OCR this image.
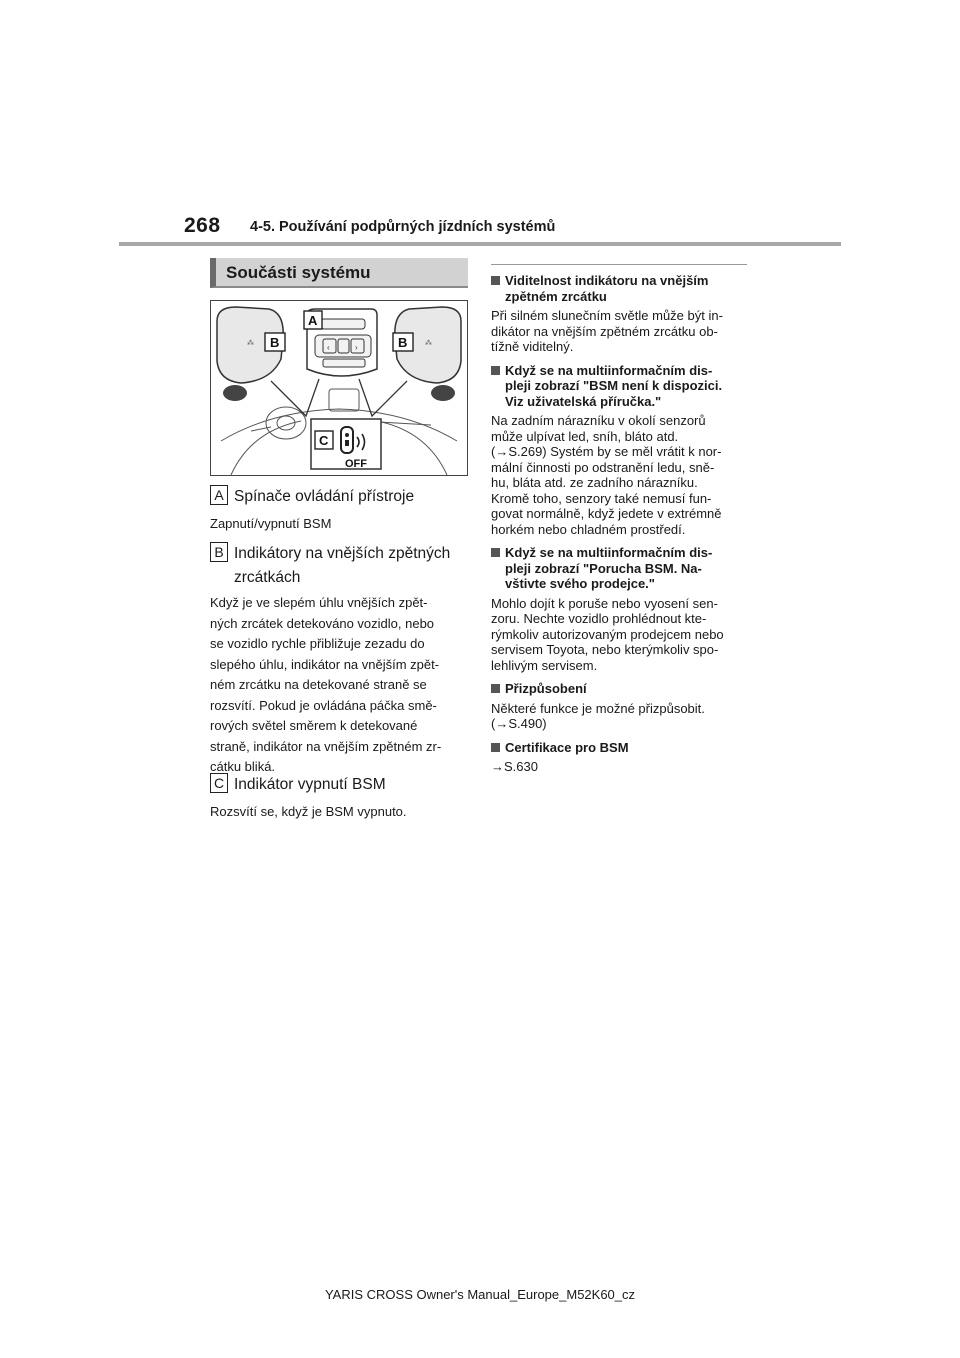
268 4-5. Používání podpůrných jízdních systémů
Součásti systému
‹	›
OFF
A
B	B
C
⁂	⁂
A Spínače ovládání přístroje
Zapnutí/vypnutí BSM
B Indikátory na vnějších zpětných
zrcátkách
Když je ve slepém úhlu vnějších zpět-
ných zrcátek detekováno vozidlo, nebo
se vozidlo rychle přibližuje zezadu do
slepého úhlu, indikátor na vnějším zpět-
ném zrcátku na detekované straně se
rozsvítí. Pokud je ovládána páčka smě-
rových světel směrem k detekované
straně, indikátor na vnějším zpětném zr-
cátku bliká.
C Indikátor vypnutí BSM
Rozsvítí se, když je BSM vypnuto.
Viditelnost indikátoru na vnějším
zpětném zrcátku
Při silném slunečním světle může být in-
dikátor na vnějším zpětném zrcátku ob-
tížně viditelný.
Když se na multiinformačním dis-
pleji zobrazí "BSM není k dispozici.
Viz uživatelská příručka."
Na zadním nárazníku v okolí senzorů
může ulpívat led, sníh, bláto atd.
(→S.269) Systém by se měl vrátit k nor-
mální činnosti po odstranění ledu, sně-
hu, bláta atd. ze zadního nárazníku.
Kromě toho, senzory také nemusí fun-
govat normálně, když jedete v extrémně
horkém nebo chladném prostředí.
Když se na multiinformačním dis-
pleji zobrazí "Porucha BSM. Na-
vštivte svého prodejce."
Mohlo dojít k poruše nebo vyosení sen-
zoru. Nechte vozidlo prohlédnout kte-
rýmkoliv autorizovaným prodejcem nebo
servisem Toyota, nebo kterýmkoliv spo-
lehlivým servisem.
Přizpůsobení
Některé funkce je možné přizpůsobit.
(→S.490)
Certifikace pro BSM
→S.630
YARIS CROSS Owner's Manual_Europe_M52K60_cz
